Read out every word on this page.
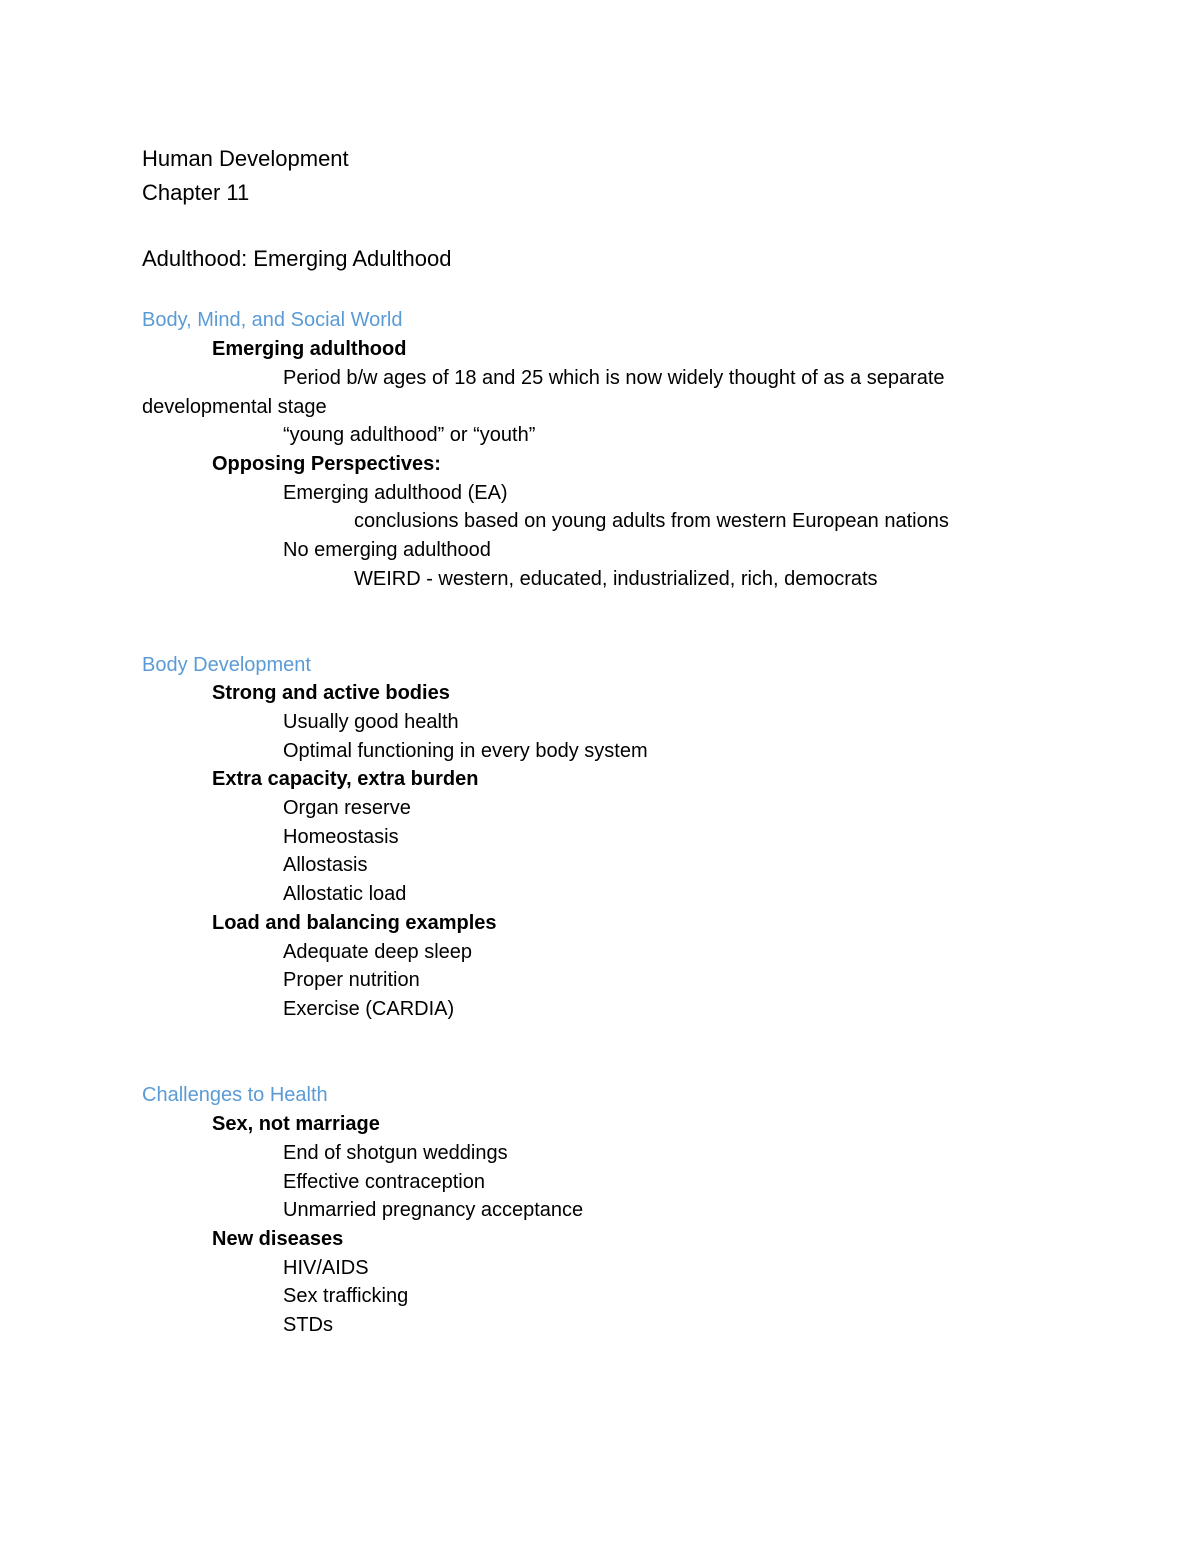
Human Development
Chapter 11
Adulthood: Emerging Adulthood
Body, Mind, and Social World
Emerging adulthood
Period b/w ages of 18 and 25 which is now widely thought of as a separate
developmental stage
“young adulthood” or “youth”
Opposing Perspectives:
Emerging adulthood (EA)
conclusions based on young adults from western European nations
No emerging adulthood
WEIRD - western, educated, industrialized, rich, democrats
Body Development
Strong and active bodies
Usually good health
Optimal functioning in every body system
Extra capacity, extra burden
Organ reserve
Homeostasis
Allostasis
Allostatic load
Load and balancing examples
Adequate deep sleep
Proper nutrition
Exercise (CARDIA)
Challenges to Health
Sex, not marriage
End of shotgun weddings
Effective contraception
Unmarried pregnancy acceptance
New diseases
HIV/AIDS
Sex trafficking
STDs
